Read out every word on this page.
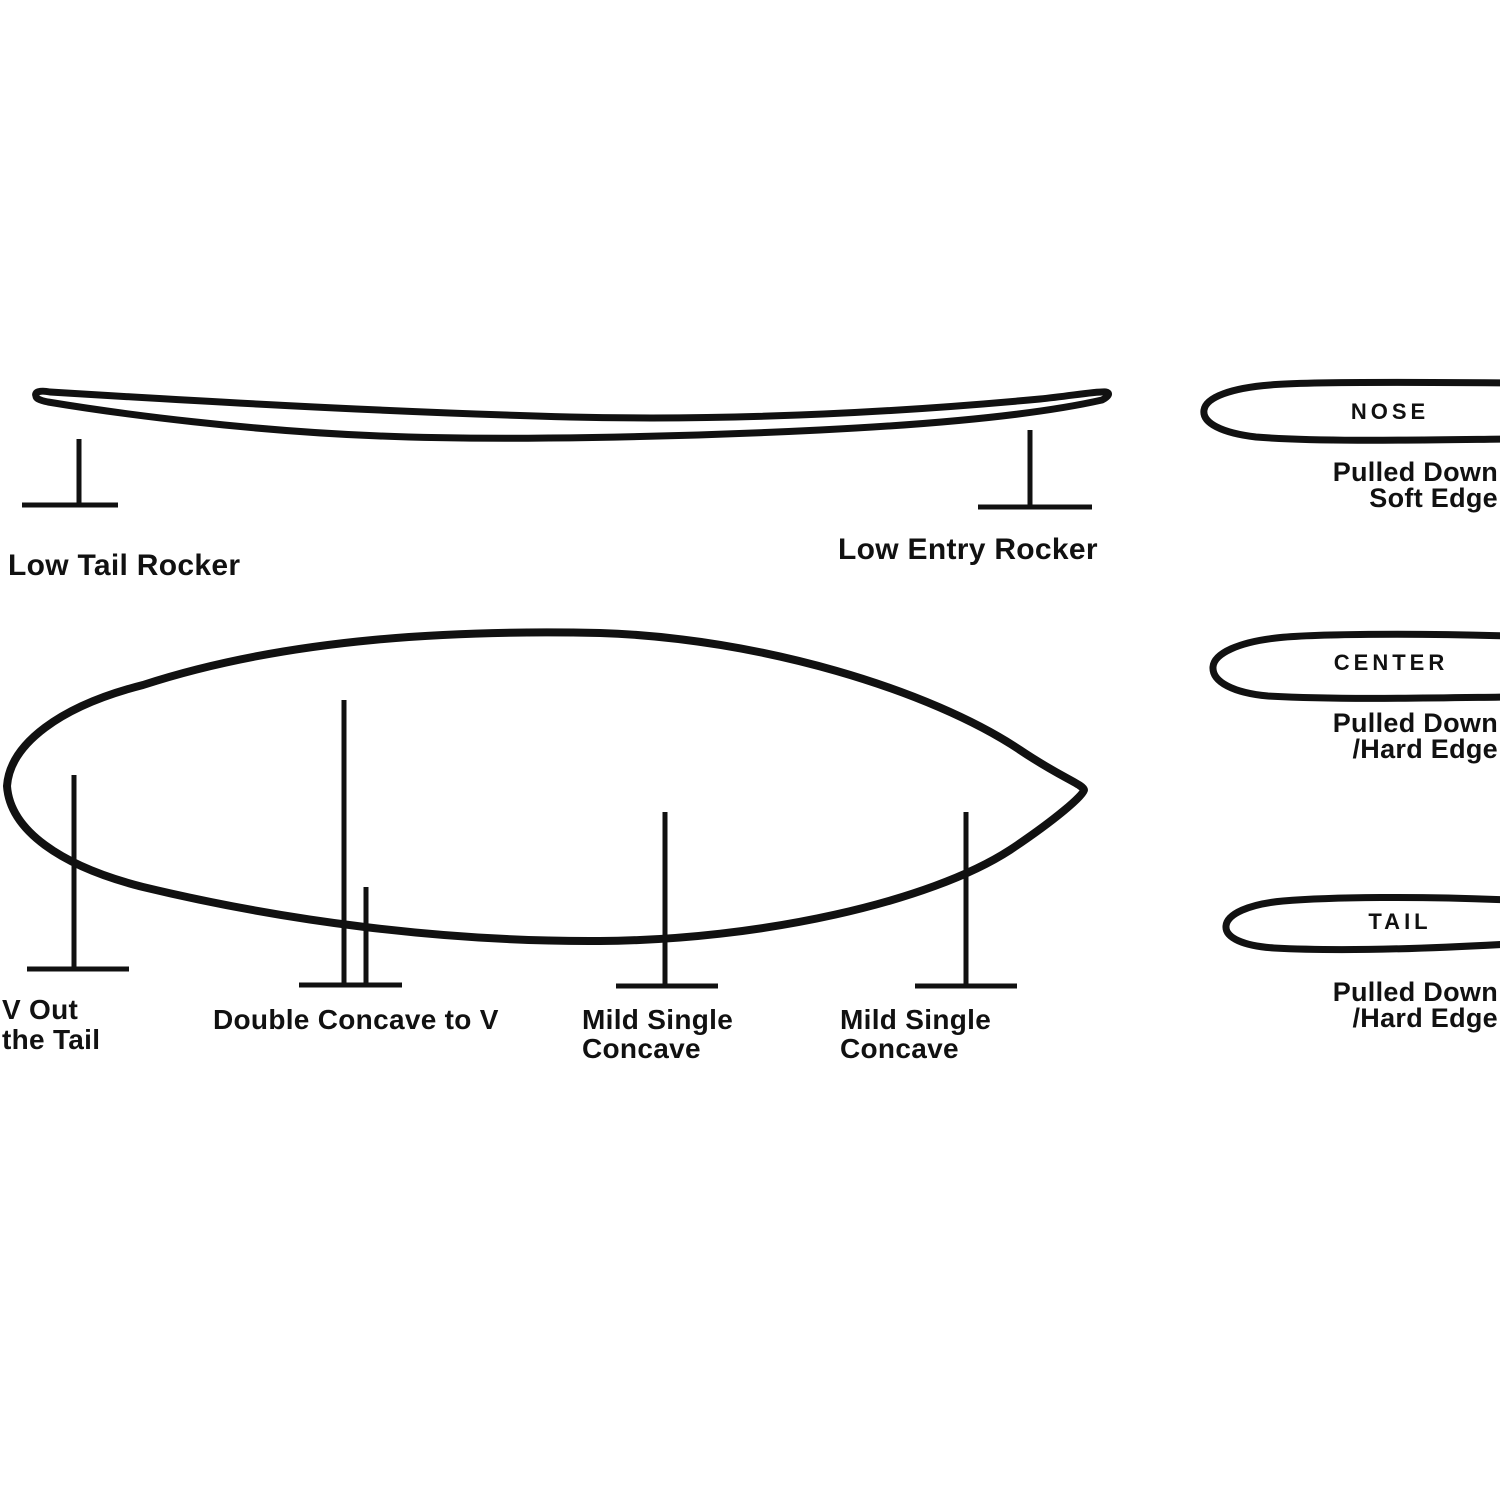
Low Tail Rocker	Low Entry Rocker
V Out
the Tail
Double Concave to V	Mild Single
Concave
Mild Single
Concave
NOSE
CENTER
TAIL
Pulled Down
Soft Edge
Pulled Down
/Hard Edge
Pulled Down
/Hard Edge
